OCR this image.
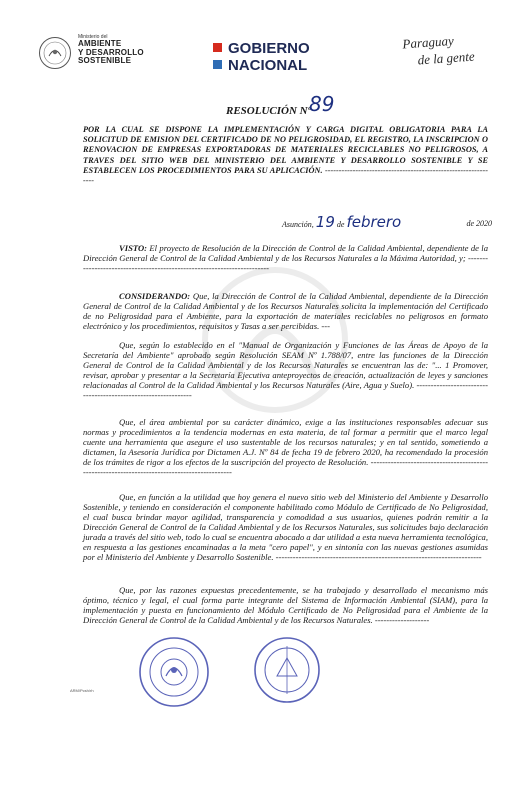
Ministerio del
AMBIENTE
Y DESARROLLO
SOSTENIBLE
GOBIERNO
NACIONAL
Paraguay
de la gente
RESOLUCIÓN Nº
89

POR LA CUAL SE DISPONE LA IMPLEMENTACIÓN Y CARGA DIGITAL OBLIGATORIA PARA LA SOLICITUD DE EMISION DEL CERTIFICADO DE NO PELIGROSIDAD, EL REGISTRO, LA INSCRIPCION O RENOVACION DE EMPRESAS EXPORTADORAS DE MATERIALES RECICLABLES NO PELIGROSOS, A TRAVES DEL SITIO WEB DEL MINISTERIO DEL AMBIENTE Y DESARROLLO SOSTENIBLE Y SE ESTABLECEN LOS PROCEDIMIENTOS PARA SU APLICACIÓN. ---------------------------------------------------------------

Asunción, 19 de febrero	de 2020

VISTO: El proyecto de Resolución de la Dirección de Control de la Calidad Ambiental, dependiente de la Dirección General de Control de la Calidad Ambiental y de los Recursos Naturales a la Máxima Autoridad, y; ------------------------------------------------------------------------

CONSIDERANDO: Que, la Dirección de Control de la Calidad Ambiental, dependiente de la Dirección General de Control de la Calidad Ambiental y de los Recursos Naturales solicita la implementación del Certificado de no Peligrosidad para el Ambiente, para la exportación de materiales reciclables no peligrosos en formato electrónico y los procedimientos, requisitos y Tasas a ser percibidas. ---

Que, según lo establecido en el "Manual de Organización y Funciones de las Áreas de Apoyo de la Secretaría del Ambiente" aprobado según Resolución SEAM Nº 1.788/07, entre las funciones de la Dirección General de Control de la Calidad Ambiental y de los Recursos Naturales se encuentran las de: "... 1 Promover, revisar, aprobar y presentar a la Secretaría Ejecutiva anteproyectos de creación, actualización de leyes y sanciones relacionadas al Control de la Calidad Ambiental y los Recursos Naturales (Aire, Agua y Suelo). ---------------------------------------------------------------

Que, el área ambiental por su carácter dinámico, exige a las instituciones responsables adecuar sus normas y procedimientos a la tendencia modernas en esta materia, de tal formar a permitir que el marco legal cuente una herramienta que asegure el uso sustentable de los recursos naturales; y en tal sentido, sometiendo a dictamen, la Asesoría Jurídica por Dictamen A.J. Nº 84 de fecha 19 de febrero 2020, ha recomendado la procesión de los trámites de rigor a los efectos de la suscripción del proyecto de Resolución. ---------------------------------------------------------------------------------------------

Que, en función a la utilidad que hoy genera el nuevo sitio web del Ministerio del Ambiente y Desarrollo Sostenible, y teniendo en consideración el componente habilitado como Módulo de Certificado de No Peligrosidad, el cual busca brindar mayor agilidad, transparencia y comodidad a sus usuarios, quienes podrán remitir a la Dirección General de Control de la Calidad Ambiental y de los Recursos Naturales, sus solicitudes bajo declaración jurada a través del sitio web, todo lo cual se encuentra abocado a dar utilidad a esta nueva herramienta tecnológica, en respuesta a las gestiones encaminadas a la meta "cero papel", y en sintonía con las nuevas gestiones asumidas por el Ministerio del Ambiente y Desarrollo Sostenible. ------------------------------------------------------------------------

Que, por las razones expuestas precedentemente, se ha trabajado y desarrollado el mecanismo más óptimo, técnico y legal, el cual forma parte integrante del Sistema de Información Ambiental (SIAM), para la implementación y puesta en funcionamiento del Módulo Certificado de No Peligrosidad para el Ambiente de la Dirección General de Control de la Calidad Ambiental y de los Recursos Naturales. -------------------

ARM/Pcsh/rh
